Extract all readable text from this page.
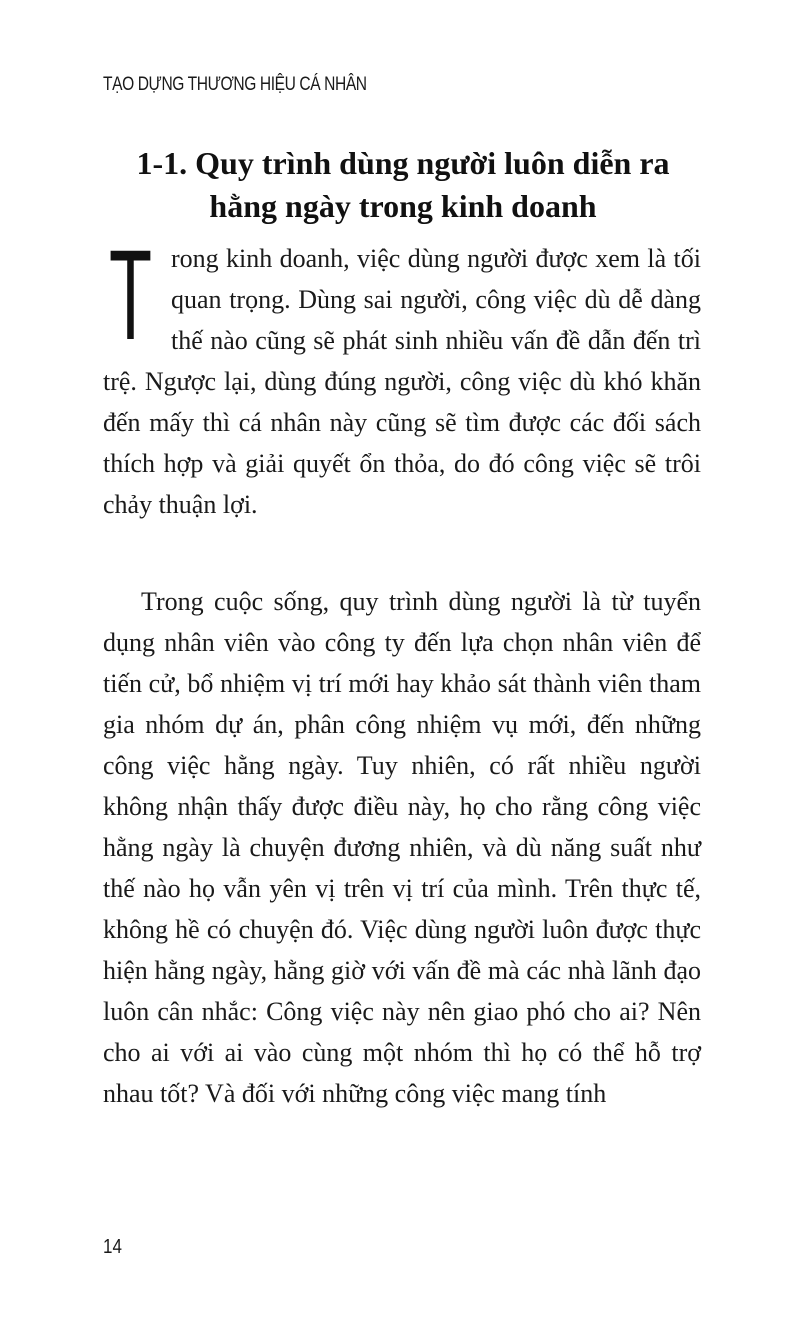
TẠO DỰNG THƯƠNG HIỆU CÁ NHÂN
1-1. Quy trình dùng người luôn diễn ra
hằng ngày trong kinh doanh

Trong kinh doanh, việc dùng người được xem là tối quan trọng. Dùng sai người, công việc dù dễ dàng thế nào cũng sẽ phát sinh nhiều vấn đề dẫn đến trì trệ. Ngược lại, dùng đúng người, công việc dù khó khăn đến mấy thì cá nhân này cũng sẽ tìm được các đối sách thích hợp và giải quyết ổn thỏa, do đó công việc sẽ trôi chảy thuận lợi.

Trong cuộc sống, quy trình dùng người là từ tuyển dụng nhân viên vào công ty đến lựa chọn nhân viên để tiến cử, bổ nhiệm vị trí mới hay khảo sát thành viên tham gia nhóm dự án, phân công nhiệm vụ mới, đến những công việc hằng ngày. Tuy nhiên, có rất nhiều người không nhận thấy được điều này, họ cho rằng công việc hằng ngày là chuyện đương nhiên, và dù năng suất như thế nào họ vẫn yên vị trên vị trí của mình. Trên thực tế, không hề có chuyện đó. Việc dùng người luôn được thực hiện hằng ngày, hằng giờ với vấn đề mà các nhà lãnh đạo luôn cân nhắc: Công việc này nên giao phó cho ai? Nên cho ai với ai vào cùng một nhóm thì họ có thể hỗ trợ nhau tốt? Và đối với những công việc mang tính

14
